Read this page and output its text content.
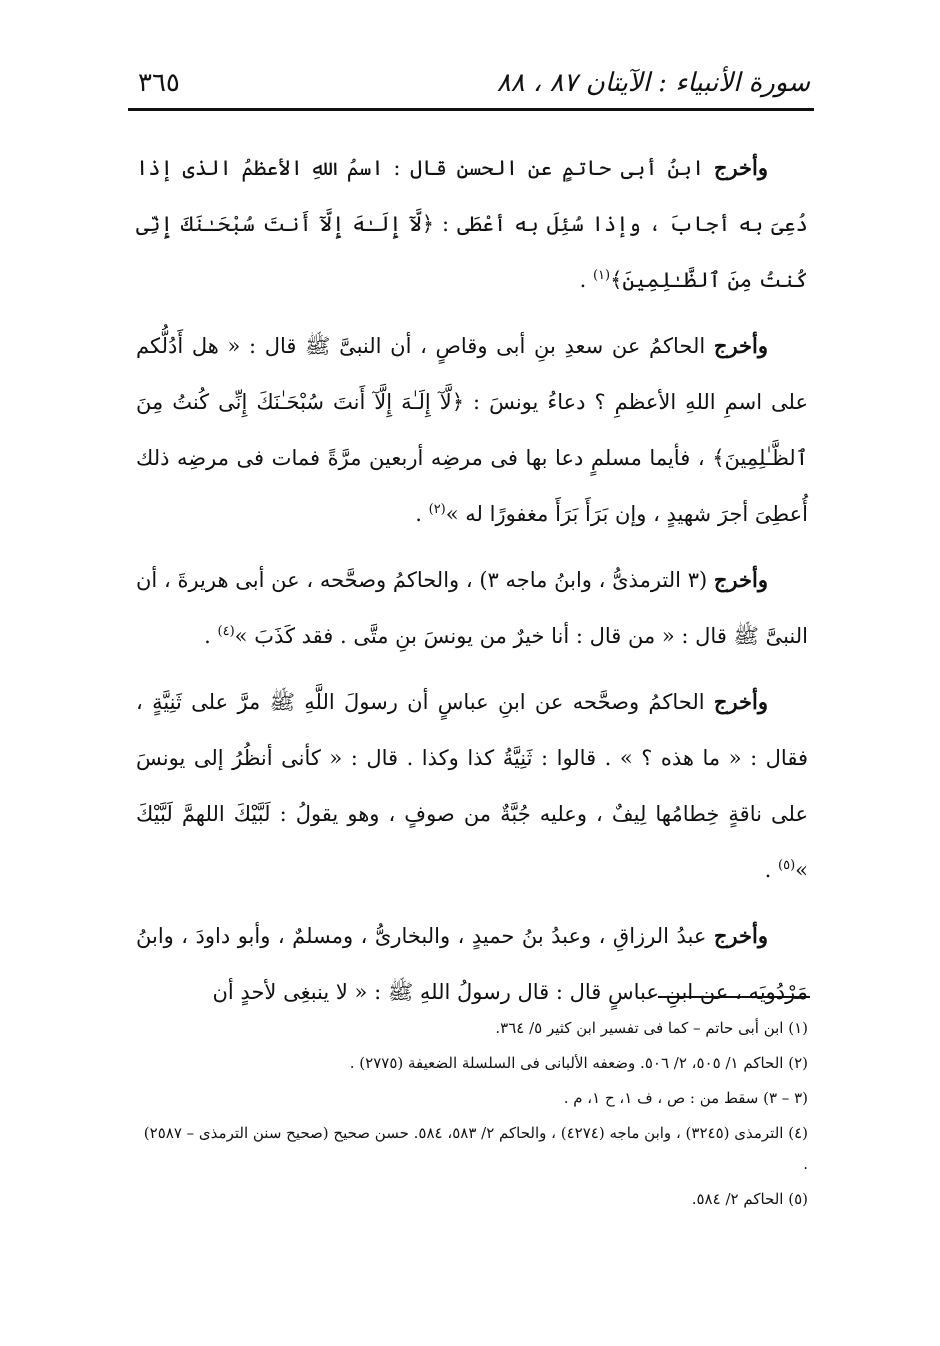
سورة الأنبياء : الآيتان ٨٧ ، ٨٨
٣٦٥

وأخرج ابنُ أبى حاتمٍ عن الحسنِ قال : اسمُ اللهِ الأعظمُ الذى إذا دُعِىَ به أجابَ ، وإذا سُئِلَ به أعْطَى : ﴿لَّآ إِلَـٰهَ إِلَّآ أَنتَ سُبْحَـٰنَكَ إِنِّى كُنتُ مِنَ ٱلظَّـٰلِمِينَ﴾$^{(١)}$ .

وأخرج الحاكمُ عن سعدِ بنِ أبى وقاصٍ ، أن النبىَّ ﷺ قال : « هل أَدُلُّكم على اسمِ اللهِ الأعظمِ ؟ دعاءُ يونسَ : ﴿لَّآ إِلَـٰهَ إِلَّآ أَنتَ سُبْحَـٰنَكَ إِنِّى كُنتُ مِنَ ٱلظَّـٰلِمِينَ﴾ ، فأيما مسلمٍ دعا بها فى مرضِه أربعين مرَّةً فمات فى مرضِه ذلك أُعطِىَ أجرَ شهيدٍ ، وإن بَرَأَ بَرَأَ مغفورًا له »$^{(٢)}$ .

وأخرج (٣ الترمذىُّ ، وابنُ ماجه ٣) ، والحاكمُ وصحَّحه ، عن أبى هريرةَ ، أن النبىَّ ﷺ قال : « من قال : أنا خيرٌ من يونسَ بنِ متَّى . فقد كَذَبَ »$^{(٤)}$ .

وأخرج الحاكمُ وصحَّحه عن ابنِ عباسٍ أن رسولَ اللَّهِ ﷺ مرَّ على ثَنِيَّةٍ ، فقال : « ما هذه ؟ » . قالوا : ثَنِيَّةُ كذا وكذا . قال : « كأنى أنظُرُ إلى يونسَ على ناقةٍ خِطامُها لِيفٌ ، وعليه جُبَّةٌ من صوفٍ ، وهو يقولُ : لَبَّيْكَ اللهمَّ لَبَّيْكَ »$^{(٥)}$ .

وأخرج عبدُ الرزاقِ ، وعبدُ بنُ حميدٍ ، والبخارىُّ ، ومسلمٌ ، وأبو داودَ ، وابنُ مَرْدُويَه ، عن ابنِ عباسٍ قال : قال رسولُ اللهِ ﷺ : « لا ينبغِى لأحدٍ أن

(١) ابن أبى حاتم – كما فى تفسير ابن كثير ٥/ ٣٦٤.

(٢) الحاكم ١/ ٥٠٥، ٢/ ٥٠٦. وضعفه الألبانى فى السلسلة الضعيفة (٢٧٧٥) .

(٣ – ٣) سقط من : ص ، ف ١، ح ١، م .

(٤) الترمذى (٣٢٤٥) ، وابن ماجه (٤٢٧٤) ، والحاكم ٢/ ٥٨٣، ٥٨٤. حسن صحيح (صحيح سنن الترمذى – ٢٥٨٧) .

(٥) الحاكم ٢/ ٥٨٤.
